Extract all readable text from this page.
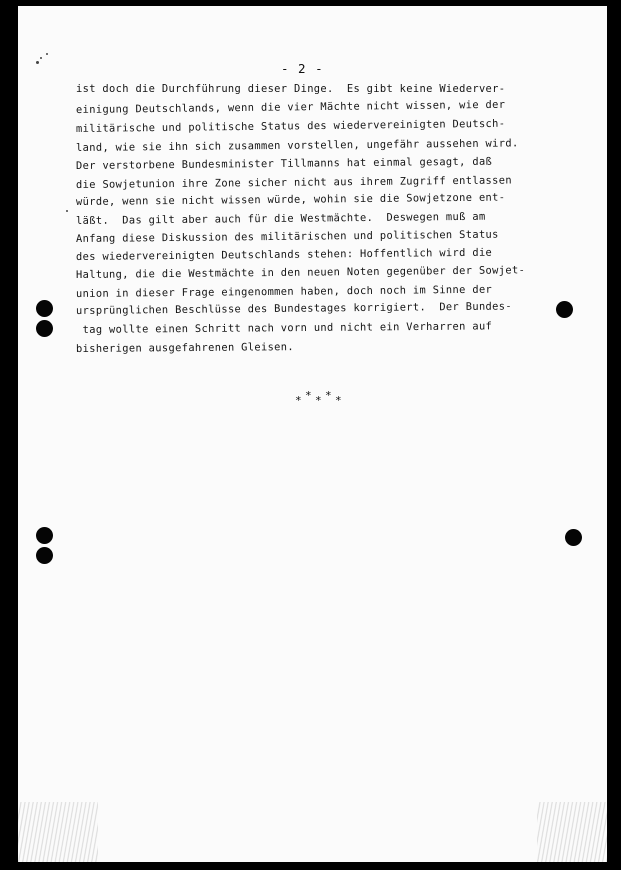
- 2 -
ist doch die Durchführung dieser Dinge.  Es gibt keine Wiederver-
einigung Deutschlands, wenn die vier Mächte nicht wissen, wie der
militärische und politische Status des wiedervereinigten Deutsch-
land, wie sie ihn sich zusammen vorstellen, ungefähr aussehen wird.
Der verstorbene Bundesminister Tillmanns hat einmal gesagt, daß
die Sowjetunion ihre Zone sicher nicht aus ihrem Zugriff entlassen
würde, wenn sie nicht wissen würde, wohin sie die Sowjetzone ent-
läßt.  Das gilt aber auch für die Westmächte.  Deswegen muß am
Anfang diese Diskussion des militärischen und politischen Status
des wiedervereinigten Deutschlands stehen: Hoffentlich wird die
Haltung, die die Westmächte in den neuen Noten gegenüber der Sowjet-
union in dieser Frage eingenommen haben, doch noch im Sinne der
ursprünglichen Beschlüsse des Bundestages korrigiert.  Der Bundes-
tag wollte einen Schritt nach vorn und nicht ein Verharren auf
bisherigen ausgefahrenen Gleisen.
* * * * *
